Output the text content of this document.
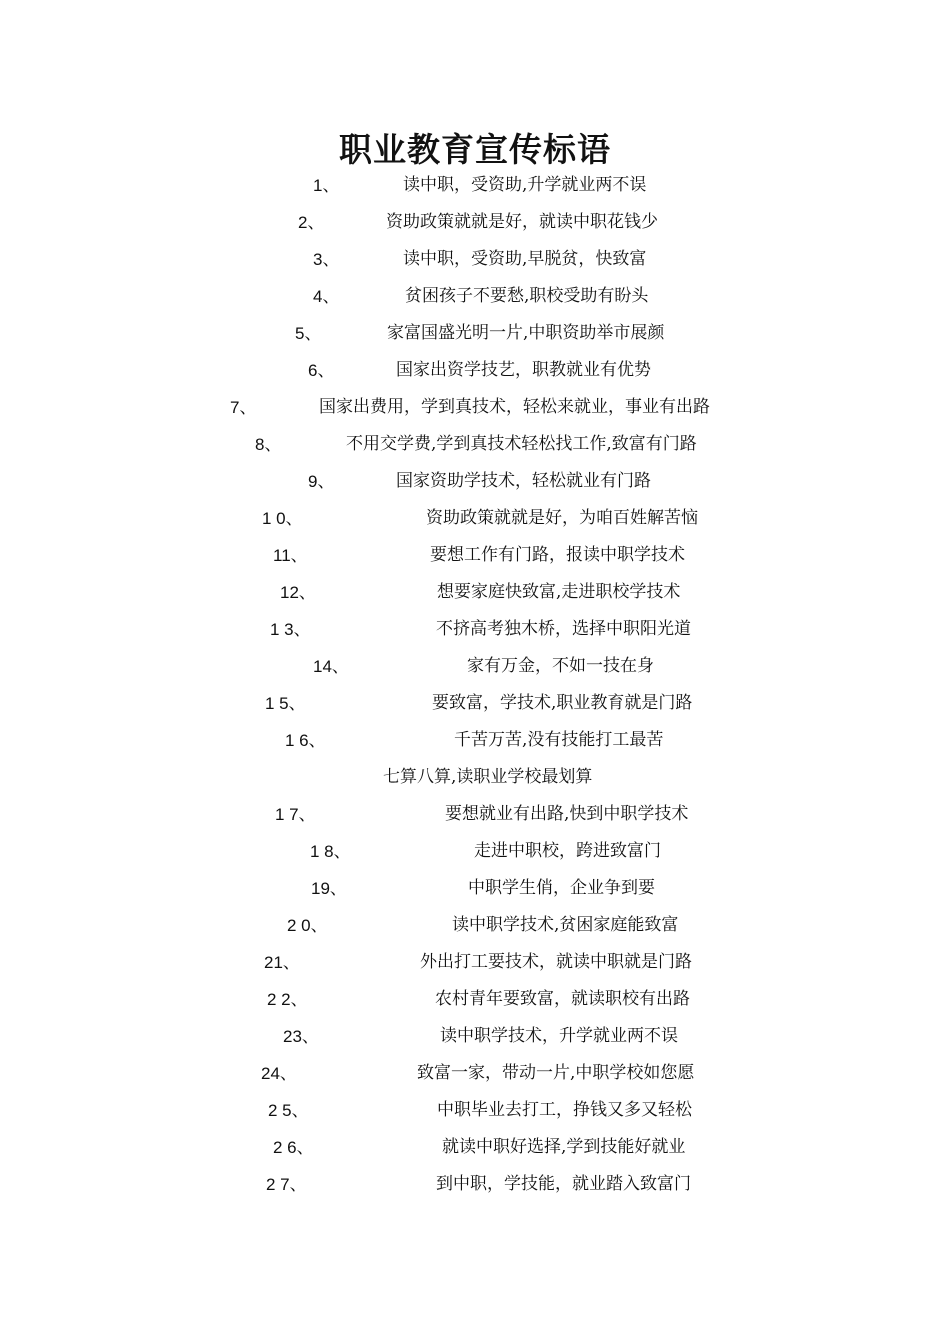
职业教育宣传标语
1、	读中职，受资助,升学就业两不误
2、	资助政策就就是好，就读中职花钱少
3、	读中职，受资助,早脱贫，快致富
4、	贫困孩子不要愁,职校受助有盼头
5、	家富国盛光明一片,中职资助举市展颜
6、	国家出资学技艺，职教就业有优势
7、	国家出费用，学到真技术，轻松来就业，事业有出路
8、	不用交学费,学到真技术轻松找工作,致富有门路
9、	国家资助学技术，轻松就业有门路
1 0、	资助政策就就是好，为咱百姓解苦恼
11、	要想工作有门路，报读中职学技术
12、	想要家庭快致富,走进职校学技术
1 3、	不挤高考独木桥，选择中职阳光道
14、	家有万金，不如一技在身
1 5、	要致富，学技术,职业教育就是门路
1 6、	千苦万苦,没有技能打工最苦
七算八算,读职业学校最划算
1 7、	要想就业有出路,快到中职学技术
1 8、	走进中职校，跨进致富门
19、	中职学生俏，企业争到要
2 0、	读中职学技术,贫困家庭能致富
21、	外出打工要技术，就读中职就是门路
2 2、	农村青年要致富，就读职校有出路
23、	读中职学技术，升学就业两不误
24、	致富一家，带动一片,中职学校如您愿
2 5、	中职毕业去打工，挣钱又多又轻松
2 6、	就读中职好选择,学到技能好就业
2 7、	到中职，学技能，就业踏入致富门
